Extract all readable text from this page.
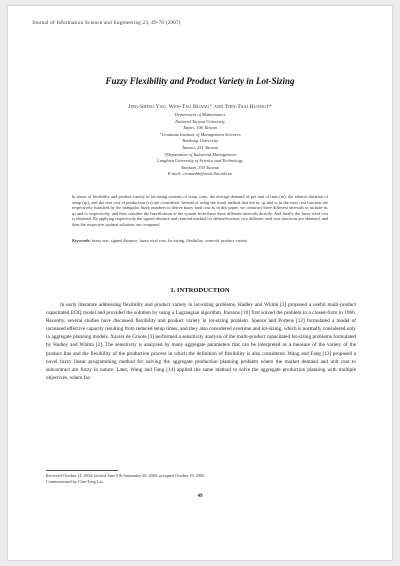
Journal of Information Science and Engineering 23, 49-70 (2007)
Fuzzy Flexibility and Product Variety in Lot-Sizing
Jing-Shing Yao, Wen-Tao Huang⁺ and Tien-Tsai Huang†*
Department of Mathematics
National Taiwan University
Taipei, 106 Taiwan
⁺Graduate Institute of Management Sciences
Tamkang University
Tamsui, 251 Taiwan
†Department of Industrial Management
Lunghwa University of Science and Technology
Taoyuan, 333 Taiwan
E-mail: ctcmanhb@mail.lhu.edu.tw
In terms of flexibility and product variety in lot-sizing systems of setup costs, the average demand of per unit of time (m), the relative duration of setup (qₖ), and the unit cost of production (cₖ) are considered. Instead of using the usual method that the m, qₖ and cₖ in the total cost function are respectively fuzzified by the triangular fuzzy numbers to derive fuzzy total cost as in this paper, we construct three different intervals to include m, qₖ and cₖ respectively, and then consider the fuzzification of the system from these three different intervals directly. And finally the fuzzy total cost is obtained. By applying respectively the signed distance and centroid method for defuzzification, two different total cost functions are obtained, and then the respective optimal solutions are computed.
Keywords: fuzzy sets, signed distance, fuzzy total cost, lot-sizing, flexibility, centroid, product variety
1. INTRODUCTION
In early literature addressing flexibility and product variety in lot-sizing problems, Hadley and Whitin [2] proposed a useful multi-product capacitated EOQ model and provided the solution by using a Lagrangian algorithm. Parsons [10] first solved the problem in a closed-form in 1966. Recently, several studies have discussed flexibility and product variety in lot-sizing problem. Spence and Porteus [12] formulated a model of increased effective capacity resulting from reduced setup times, and they also considered overtime and lot-sizing, which is normally considered only in aggregate planning models. Xavier de Groote [3] performed a sensitivity analysis of the multi-product capacitated lot-sizing problems formulated by Hadley and Whitin [2]. The sensitivity is analyzed by many aggregate parameters that can be interpreted as a measure of the variety of the product line and the flexibility of the production process in which the definition of flexibility is also considered. Wang and Fang [13] proposed a novel fuzzy linear programming method for solving the aggregate production planning problem where the market demand and unit cost to subcontract are fuzzy in nature. Later, Wang and Fang [14] applied the same method to solve the aggregate production planning with multiple objectives, where fac-
Received October 14, 2004; revised June 9 & September 28, 2005; accepted October 19, 2005.
Communicated by Chin-Teng Lin.
49
